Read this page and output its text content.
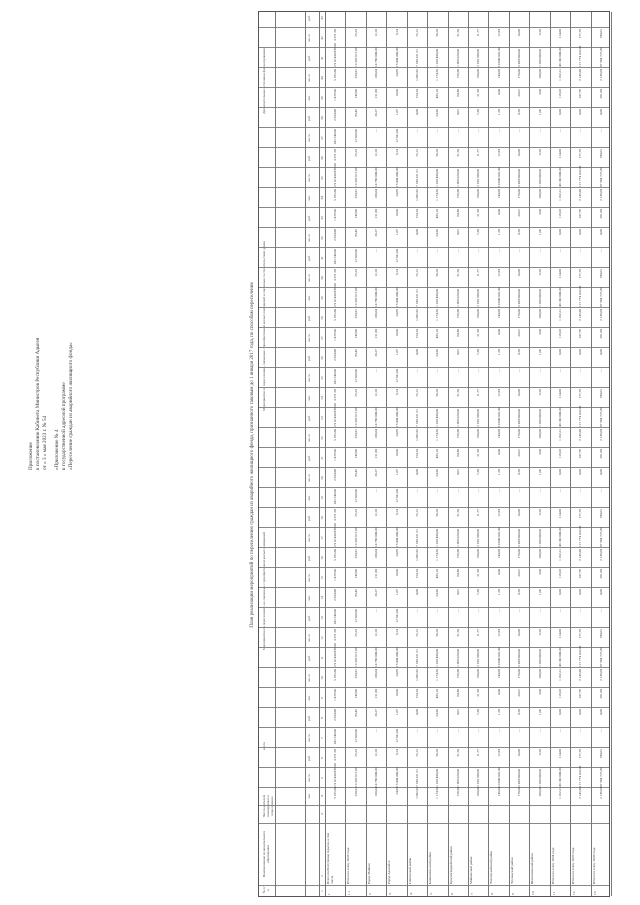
Приложение к постановлению Кабинета Министров Республики Адыгея от « 3 » мая 2023 г. № 54 «Приложение № 4 к государственной адресной программе «Переселение граждан из аварийного жилищного фонда»	План реализации мероприятий по переселению граждан из аварийного жилищного фонда, признанного таковым до 1 января 2017 года, по способам переселения
№ п/п
Наименование муниципального образования
Число жителей, планируемых к переселению
всего
Мероприятия по переселению, не связанные с приобретением жилых помещений
Мероприятия по переселению, связанные с приобретением жилых помещений и связанные со строительством домов
Дополнительные источники финансирования
чел.
кв. м
руб.
кв. м
руб.
чел.
кв. м
руб.
кв. м
руб.
чел.
кв. м
руб.
кв. м
руб.
чел.
кв. м
руб.
кв. м
руб.
чел.
кв. м
руб.
кв. м
руб.
чел.
кв. м
руб.
кв. м
руб.
чел.
кв. м
руб.
кв. м
руб.
чел.
кв. м
руб.
кв. м
руб.
2
3
4
5
6
7
8
9
10
11
12
13
14
15
16
17
18
19
20
21
22
23
24
25
26
27
28
29
30
31
32
33
34
35
36
37
38
39
40
41
42
43
1
1.
Всего по Республике Адыгея, в том числе
5 165,60
2 916 434 836,80
3 371,58
282 246,00
2 054,60
1 479,60
5 165,60
2 916 434 836,80
3 371,58
282 246,00
2 054,60
1 479,60
5 165,60
2 916 434 836,80
3 371,58
282 246,00
2 054,60
1 479,60
5 165,60
2 916 434 836,80
3 371,58
282 246,00
2 054,60
1 479,60
5 165,60
2 916 434 836,80
3 371,58
282 246,00
2 054,60
1 479,60
5 165,60
2 916 434 836,80
3 371,58
282 246,00
2 054,60
1 479,60
5 165,60
2 916 434 836,80
3 371,58
1.1
Итого по этапу 2023 года
250,61
13 263 971,60
25,23
12 560,60
83,45
149,90
250,61
13 263 971,60
25,23
12 560,60
83,45
149,90
250,61
13 263 971,60
25,23
12 560,60
83,45
149,90
250,61
13 263 971,60
25,23
12 560,60
83,45
149,90
250,61
13 263 971,60
25,23
12 560,60
83,45
149,90
250,61
13 263 971,60
25,23
12 560,60
83,45
149,90
250,61
13 263 971,60
25,23
2.
Город Майкоп
100,04
14 780 000,00
12,10
—
20,27
211,60
100,04
14 780 000,00
12,10
—
20,27
211,60
100,04
14 780 000,00
12,10
—
20,27
211,60
100,04
14 780 000,00
12,10
—
20,27
211,60
100,04
14 780 000,00
12,10
—
20,27
211,60
100,04
14 780 000,00
12,10
—
20,27
211,60
100,04
14 780 000,00
12,10
3.
Город Адыгейск
24,05
15 004 060,00
8,14
12 501,00
1,07
18,00
24,05
15 004 060,00
8,14
12 501,00
1,07
18,00
24,05
15 004 060,00
8,14
12 501,00
1,07
18,00
24,05
15 004 060,00
8,14
12 501,00
1,07
18,00
24,05
15 004 060,00
8,14
12 501,00
1,07
18,00
24,05
15 004 060,00
8,14
12 501,00
1,07
18,00
24,05
15 004 060,00
8,14
4.
Гиагинский район
1 082,62
7 180 321,51
72,12
—
0,00
724,10
1 082,62
7 180 321,51
72,12
—
0,00
724,10
1 082,62
7 180 321,51
72,12
—
0,00
724,10
1 082,62
7 180 321,51
72,12
—
0,00
724,10
1 082,62
7 180 321,51
72,12
—
0,00
724,10
1 082,62
7 180 321,51
72,12
—
0,00
724,10
1 082,62
7 180 321,51
72,12
5.
Кошехабльский район
1 174,50
1 160 400,00
50,10
—
24,56
405,10
1 174,50
1 160 400,00
50,10
—
24,56
405,10
1 174,50
1 160 400,00
50,10
—
24,56
405,10
1 174,50
1 160 400,00
50,10
—
24,56
405,10
1 174,50
1 160 400,00
50,10
—
24,56
405,10
1 174,50
1 160 400,00
50,10
—
24,56
405,10
1 174,50
1 160 400,00
50,10
6.
Красногвардейский район
159,60
1 960 020,00
21,50
—
0,01
60,80
159,60
1 960 020,00
21,50
—
0,01
60,80
159,60
1 960 020,00
21,50
—
0,01
60,80
159,60
1 960 020,00
21,50
—
0,01
60,80
159,60
1 960 020,00
21,50
—
0,01
60,80
159,60
1 960 020,00
21,50
—
0,01
60,80
159,60
1 960 020,00
21,50
7.
Майкопский район
190,09
2 250 700,00
11,77
—
7,30
21,50
190,09
2 250 700,00
11,77
—
7,30
21,50
190,09
2 250 700,00
11,77
—
7,30
21,50
190,09
2 250 700,00
11,77
—
7,30
21,50
190,09
2 250 700,00
11,77
—
7,30
21,50
190,09
2 250 700,00
11,77
—
7,30
21,50
190,09
2 250 700,00
11,77
8.
Тахтамукайский район
140,00
10 000 001,00
12,94
—
1,50
0,00
140,00
10 000 001,00
12,94
—
1,50
0,00
140,00
10 000 001,00
12,94
—
1,50
0,00
140,00
10 000 001,00
12,94
—
1,50
0,00
140,00
10 000 001,00
12,94
—
1,50
0,00
140,00
10 000 001,00
12,94
—
1,50
0,00
140,00
10 000 001,00
12,94
9.
Теучежский район
170,00
2 430 000,00
10,00
—
0,50
20,01
170,00
2 430 000,00
10,00
—
0,50
20,01
170,00
2 430 000,00
10,00
—
0,50
20,01
170,00
2 430 000,00
10,00
—
0,50
20,01
170,00
2 430 000,00
10,00
—
0,50
20,01
170,00
2 430 000,00
10,00
—
0,50
20,01
170,00
2 430 000,00
10,00
10.
Шовгеновский район
200,00
1 020 000,00
6,50
—
1,06
3,00
200,00
1 020 000,00
6,50
—
1,06
3,00
200,00
1 020 000,00
6,50
—
1,06
3,00
200,00
1 020 000,00
6,50
—
1,06
3,00
200,00
1 020 000,00
6,50
—
1,06
3,00
200,00
1 020 000,00
6,50
—
1,06
3,00
200,00
1 020 000,00
6,50
11.
Итого по этапу 2024 года
1 162,21
40 100 000,00
114,00
—
0,00
119,03
1 162,21
40 100 000,00
114,00
—
0,00
119,03
1 162,21
40 100 000,00
114,00
—
0,00
119,03
1 162,21
40 100 000,00
114,00
—
0,00
119,03
1 162,21
40 100 000,00
114,00
—
0,00
119,03
1 162,21
40 100 000,00
114,00
—
0,00
119,03
1 162,21
40 100 000,00
114,00
12.
Итого по этапу 2025 года
2 145,60
171 774 410,00
177,79
—
0,00
197,76
2 145,60
171 774 410,00
177,79
—
0,00
197,76
2 145,60
171 774 410,00
177,79
—
0,00
197,76
2 145,60
171 774 410,00
177,79
—
0,00
197,76
2 145,60
171 774 410,00
177,79
—
0,00
197,76
2 145,60
171 774 410,00
177,79
—
0,00
197,76
2 145,60
171 774 410,00
177,79
13.
Итого по этапу 2026 года
2 136,04
87 364 727,00
180,01
—
0,00
261,00
2 136,04
87 364 727,00
180,01
—
0,00
261,00
2 136,04
87 364 727,00
180,01
—
0,00
261,00
2 136,04
87 364 727,00
180,01
—
0,00
261,00
2 136,04
87 364 727,00
180,01
—
0,00
261,00
2 136,04
87 364 727,00
180,01
—
0,00
261,00
2 136,04
87 364 727,00
180,01
